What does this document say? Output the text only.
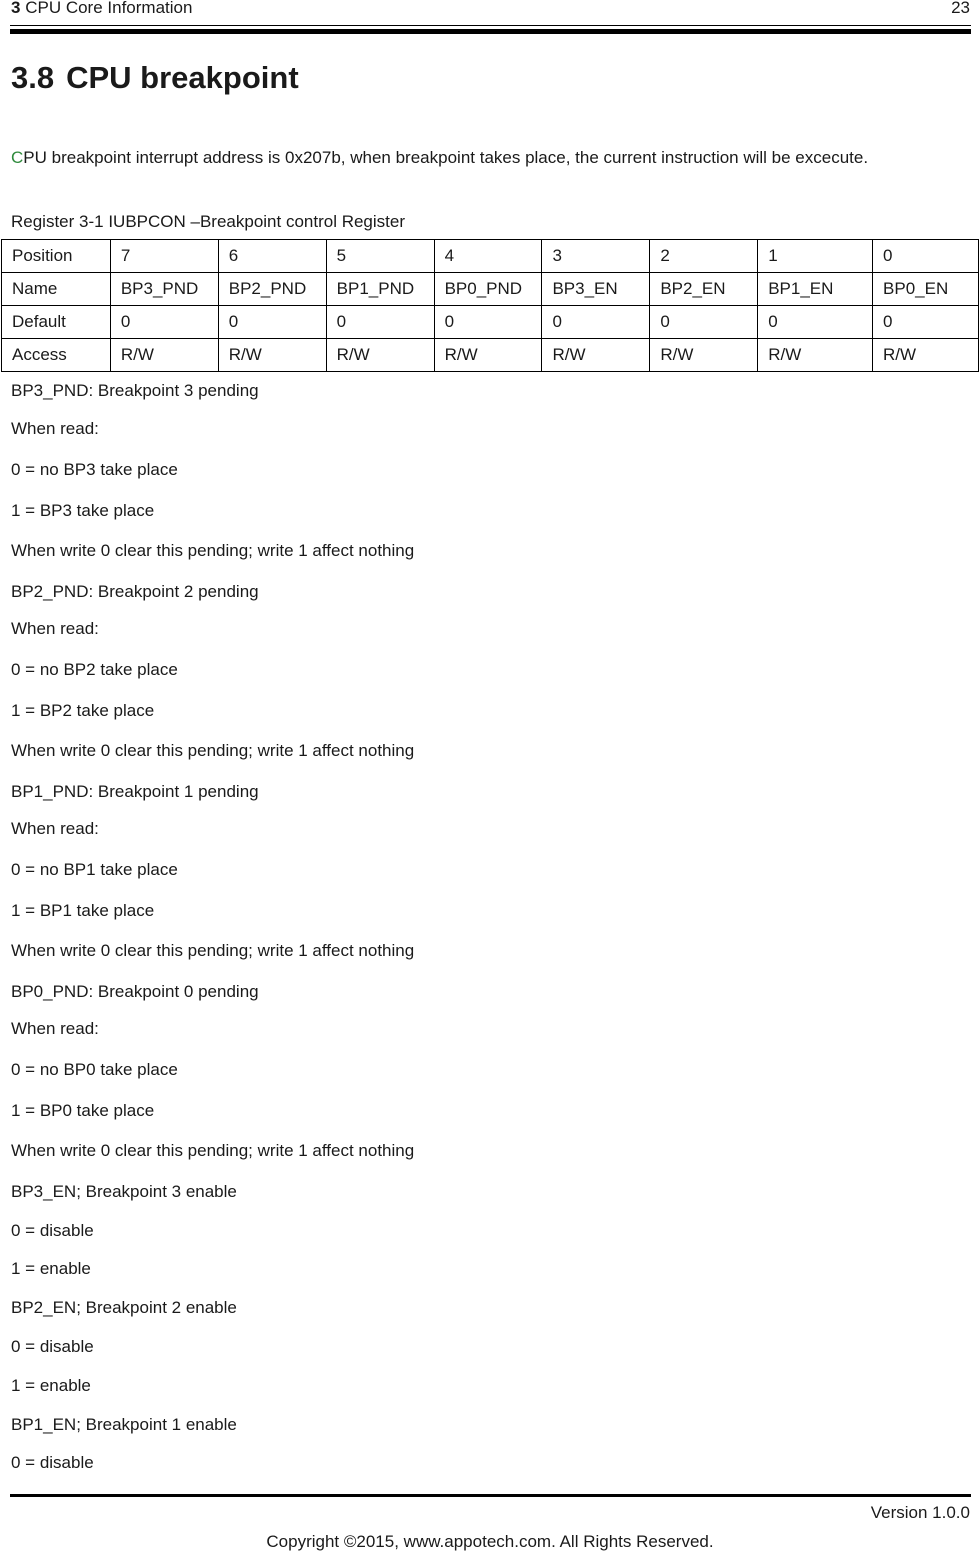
3 CPU Core Information	23
3.8 CPU breakpoint
CPU breakpoint interrupt address is 0x207b, when breakpoint takes place, the current instruction will be excecute.
Register 3-1 IUBPCON –Breakpoint control Register
Position	7	6	5	4	3	2	1	0
Name	BP3_PND	BP2_PND	BP1_PND	BP0_PND	BP3_EN	BP2_EN	BP1_EN	BP0_EN
Default	0	0	0	0	0	0	0	0
Access	R/W	R/W	R/W	R/W	R/W	R/W	R/W	R/W
BP3_PND: Breakpoint 3 pending
When read:
0 = no BP3 take place
1 = BP3 take place
When write 0 clear this pending; write 1 affect nothing
BP2_PND: Breakpoint 2 pending
When read:
0 = no BP2 take place
1 = BP2 take place
When write 0 clear this pending; write 1 affect nothing
BP1_PND: Breakpoint 1 pending
When read:
0 = no BP1 take place
1 = BP1 take place
When write 0 clear this pending; write 1 affect nothing
BP0_PND: Breakpoint 0 pending
When read:
0 = no BP0 take place
1 = BP0 take place
When write 0 clear this pending; write 1 affect nothing
BP3_EN; Breakpoint 3 enable
0 = disable
1 = enable
BP2_EN; Breakpoint 2 enable
0 = disable
1 = enable
BP1_EN; Breakpoint 1 enable
0 = disable
Version 1.0.0
Copyright ©2015, www.appotech.com. All Rights Reserved.
